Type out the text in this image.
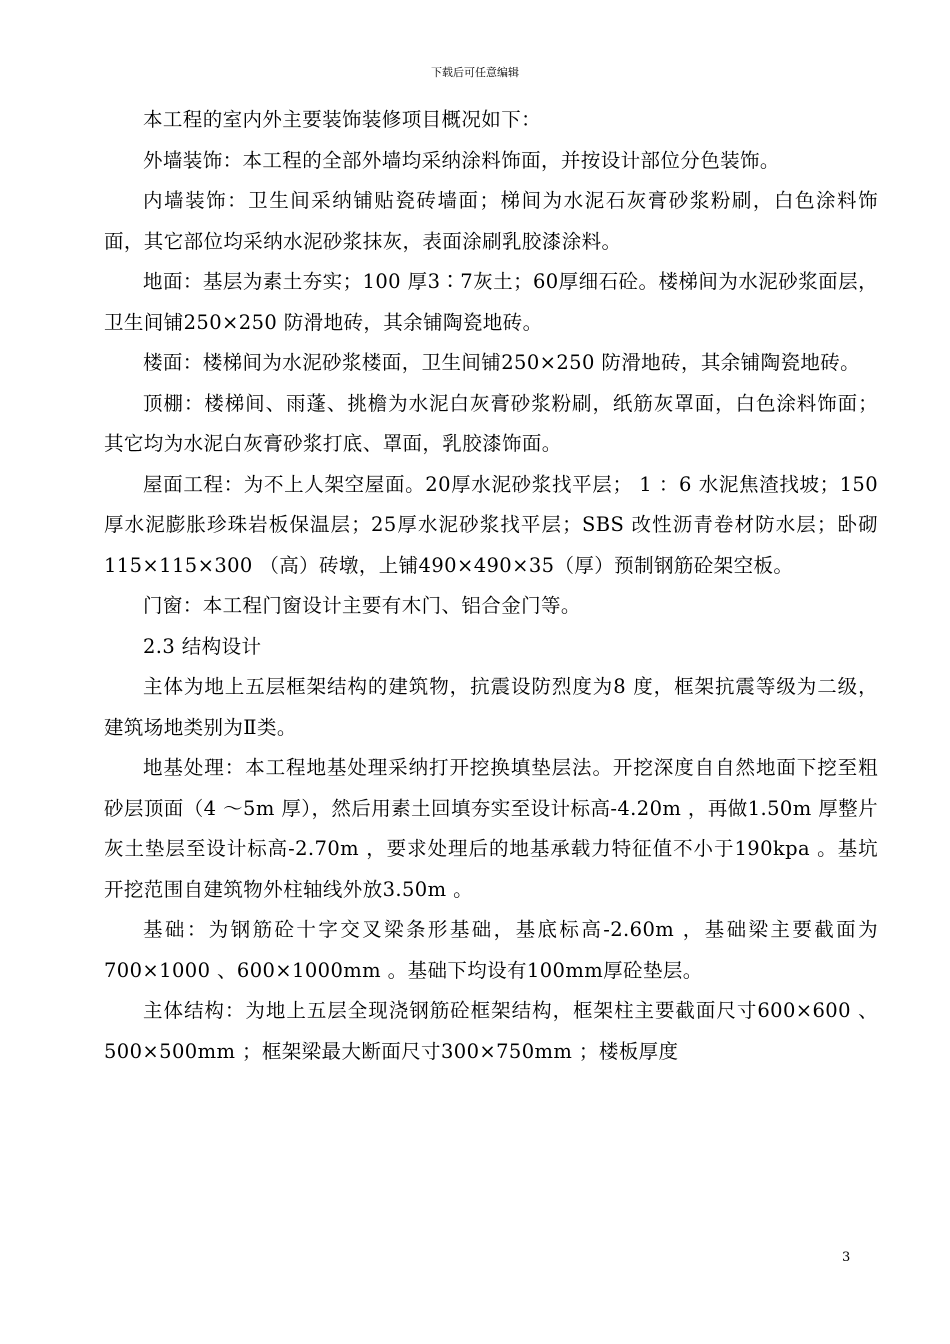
下载后可任意编辑

本工程的室内外主要装饰装修项目概况如下：

外墙装饰：本工程的全部外墙均采纳涂料饰面，并按设计部位分色装饰。

内墙装饰：卫生间采纳铺贴瓷砖墙面；梯间为水泥石灰膏砂浆粉刷，白色涂料饰面，其它部位均采纳水泥砂浆抹灰，表面涂刷乳胶漆涂料。

地面：基层为素土夯实；100 厚3∶7灰土；60厚细石砼。楼梯间为水泥砂浆面层，卫生间铺250×250 防滑地砖，其余铺陶瓷地砖。

楼面：楼梯间为水泥砂浆楼面，卫生间铺250×250 防滑地砖，其余铺陶瓷地砖。

顶棚：楼梯间、雨蓬、挑檐为水泥白灰膏砂浆粉刷，纸筋灰罩面，白色涂料饰面；其它均为水泥白灰膏砂浆打底、罩面，乳胶漆饰面。

屋面工程：为不上人架空屋面。20厚水泥砂浆找平层； 1 ：6 水泥焦渣找坡；150 厚水泥膨胀珍珠岩板保温层；25厚水泥砂浆找平层；SBS 改性沥青卷材防水层；卧砌115×115×300 （高）砖墩，上铺490×490×35（厚）预制钢筋砼架空板。

门窗：本工程门窗设计主要有木门、铝合金门等。

2.3 结构设计

主体为地上五层框架结构的建筑物，抗震设防烈度为8 度，框架抗震等级为二级，建筑场地类别为Ⅱ类。

地基处理：本工程地基处理采纳打开挖换填垫层法。开挖深度自自然地面下挖至粗砂层顶面（4 ～5m 厚），然后用素土回填夯实至设计标高-4.20m ，再做1.50m 厚整片灰土垫层至设计标高-2.70m ，要求处理后的地基承载力特征值不小于190kpa 。基坑开挖范围自建筑物外柱轴线外放3.50m 。

基础：为钢筋砼十字交叉梁条形基础，基底标高-2.60m ，基础梁主要截面为700×1000 、600×1000mm 。基础下均设有100mm厚砼垫层。

主体结构：为地上五层全现浇钢筋砼框架结构，框架柱主要截面尺寸600×600 、500×500mm ；框架梁最大断面尺寸300×750mm ；楼板厚度

3
